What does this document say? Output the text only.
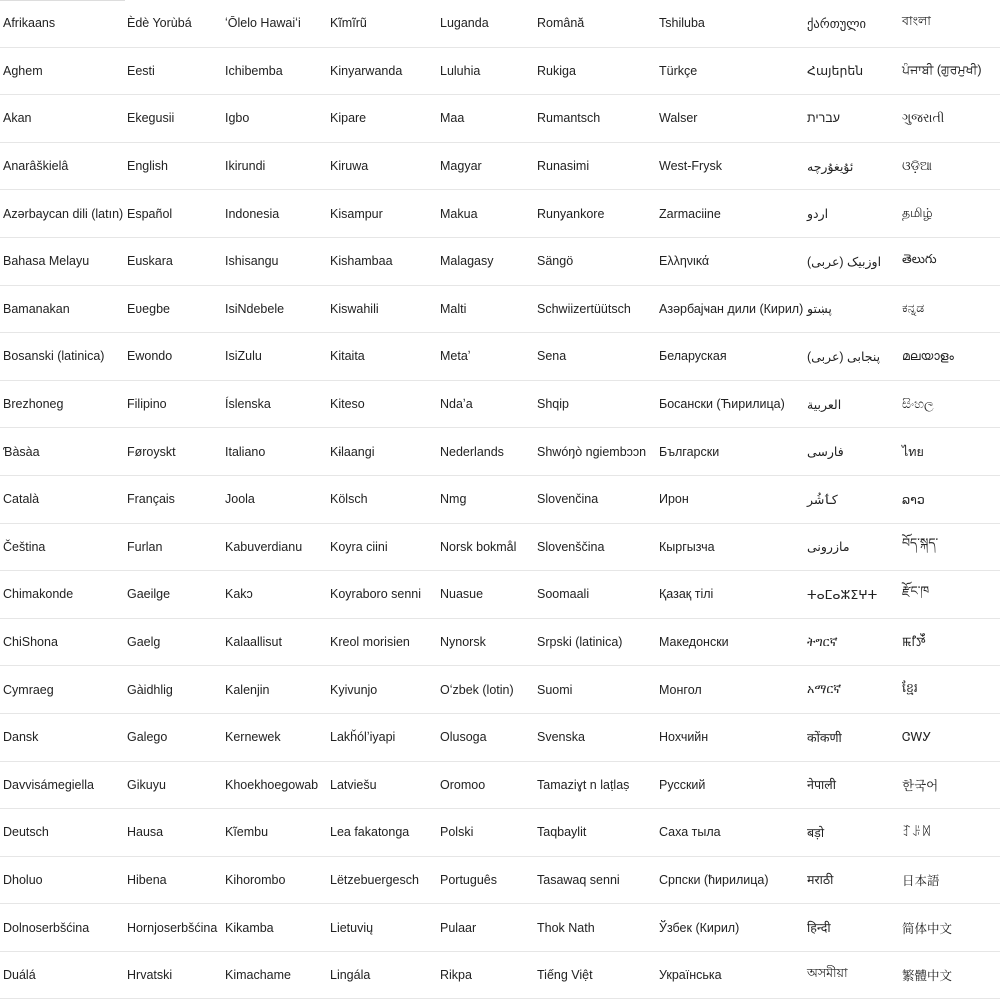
Afrikaans
Aghem
Akan
Anarâškielâ
Azərbaycan dili (latın)
Bahasa Melayu
Bamanakan
Bosanski (latinica)
Brezhoneg
Ɓàsàa
Català
Čeština
Chimakonde
ChiShona
Cymraeg
Dansk
Davvisámegiella
Deutsch
Dholuo
Dolnoserbšćina
Duálá
Èdè Yorùbá
Eesti
Ekegusii
English
Español
Euskara
Eʋegbe
Ewondo
Filipino
Føroyskt
Français
Furlan
Gaeilge
Gaelg
Gàidhlig
Galego
Gikuyu
Hausa
Hibena
Hornjoserbšćina
Hrvatski
ʻŌlelo Hawaiʻi
Ichibemba
Igbo
Ikirundi
Indonesia
Ishisangu
IsiNdebele
IsiZulu
Íslenska
Italiano
Joola
Kabuverdianu
Kakɔ
Kalaallisut
Kalenjin
Kernewek
Khoekhoegowab
Kĩembu
Kihorombo
Kikamba
Kimachame
Kĩmĩrũ
Kinyarwanda
Kipare
Kiruwa
Kisampur
Kishambaa
Kiswahili
Kitaita
Kiteso
Kɨlaangi
Kölsch
Koyra ciini
Koyraboro senni
Kreol morisien
Kyivunjo
Lakȟólʼiyapi
Latviešu
Lea fakatonga
Lëtzebuergesch
Lietuvių
Lingála
Luganda
Luluhia
Maa
Magyar
Makua
Malagasy
Malti
Metaʼ
Ndaʼa
Nederlands
Nmg
Norsk bokmål
Nuasue
Nynorsk
Oʻzbek (lotin)
Olusoga
Oromoo
Polski
Português
Pulaar
Rikpa
Română
Rukiga
Rumantsch
Runasimi
Runyankore
Sängö
Schwiizertüütsch
Sena
Shqip
Shwóŋò ngiembɔɔn
Slovenčina
Slovenščina
Soomaali
Srpski (latinica)
Suomi
Svenska
Tamaziɣt n laṭlaṣ
Taqbaylit
Tasawaq senni
Thok Nath
Tiếng Việt
Tshiluba
Türkçe
Walser
West-Frysk
Zarmaciine
Ελληνικά
Азәрбајҹан дили (Кирил)
Беларуская
Босански (Ћирилица)
Български
Ирон
Кыргызча
Қазақ тілі
Македонски
Монгол
Нохчийн
Русский
Саха тыла
Српски (ћирилица)
Ўзбек (Кирил)
Українська
ქართული
Հայերեն
עברית
ئۇيغۇرچە
اردو
اوزبیک (عربی)
پښتو
پنجابی (عربی)
العربية
فارسی
کٲشُر
مازرونی
ⵜⴰⵎⴰⵣⵉⵖⵜ
ትግርኛ
አማርኛ
कोंकणी
नेपाली
बड़ो
मराठी
हिन्दी
অসমীয়া
বাংলা
ਪੰਜਾਬੀ (ਗੁਰਮੁਖੀ)
ગુજરાતી
ଓଡ଼ିଆ
தமிழ்
తెలుగు
ಕನ್ನಡ
മലയാളം
සිංහල
ไทย
ລາວ
བོད་སྐད་
རྫོང་ཁ
ꯃꯤꯇꯩ
ខ្មែរ
ᏣᎳᎩ
한국어
ꆈꌠꉙ
日本語
简体中文
繁體中文
